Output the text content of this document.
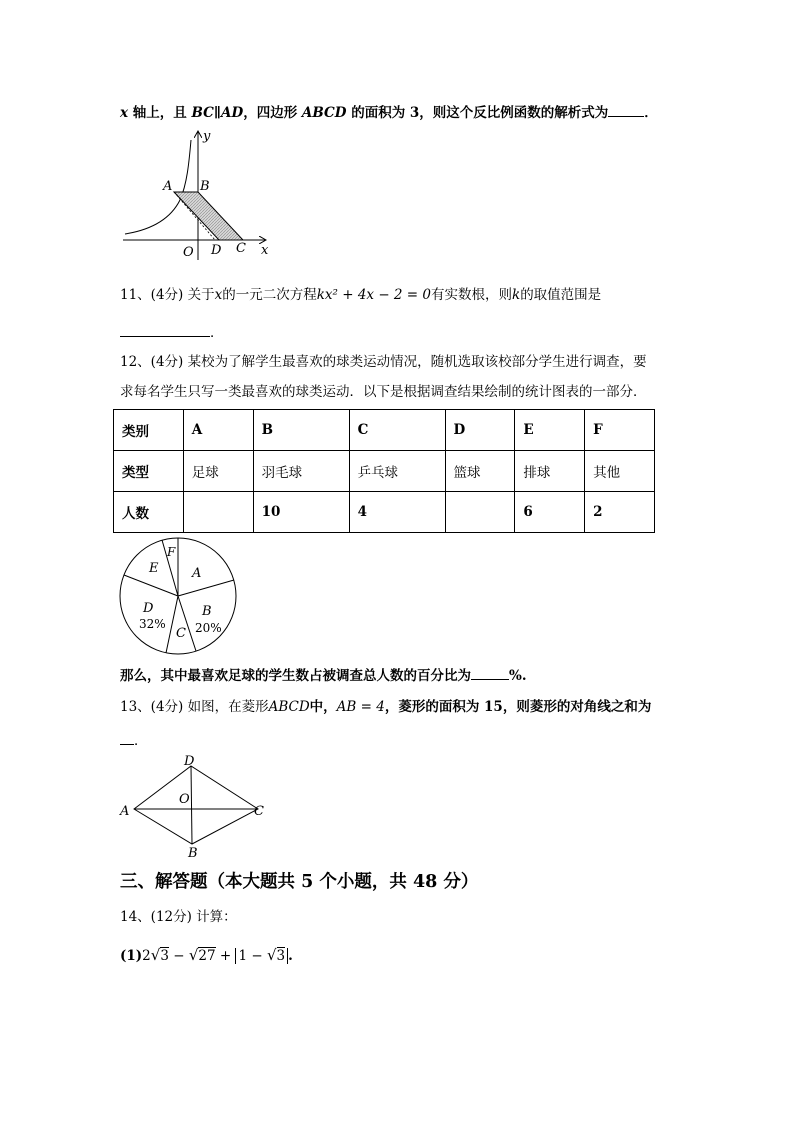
x 轴上，且 BC∥AD，四边形 ABCD 的面积为 3，则这个反比例函数的解析式为	．
A B
O D C x
y
11、(4分) 关于x的一元二次方程kx² + 4x − 2 = 0有实数根，则k的取值范围是
．
12、(4分) 某校为了解学生最喜欢的球类运动情况，随机选取该校部分学生进行调查，要
求每名学生只写一类最喜欢的球类运动．以下是根据调查结果绘制的统计图表的一部分．
类别	A	B	C	D	E	F
类型	足球	羽毛球	乒乓球	篮球	排球	其他
人数		10	4		6	2
A
B
20%
C
D
32%
E
F
那么，其中最喜欢足球的学生数占被调查总人数的百分比为	%.
13、(4分) 如图，在菱形ABCD中，AB = 4，菱形的面积为 15，则菱形的对角线之和为
．
D
O
A	C
B
三、解答题（本大题共 5 个小题，共 48 分）
14、(12分) 计算：
(1)2√3 − √27 + 1 − √3 .
